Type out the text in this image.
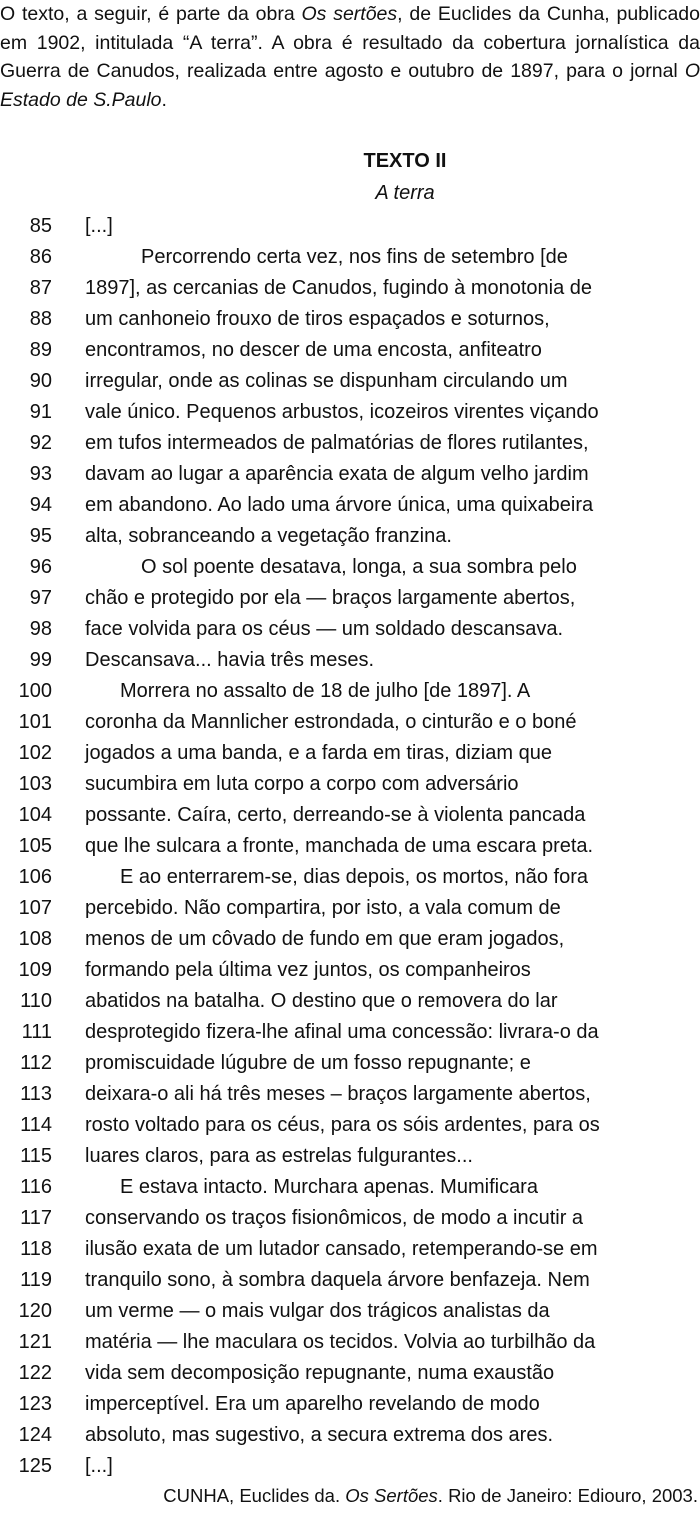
O texto, a seguir, é parte da obra Os sertões, de Euclides da Cunha, publicado em 1902, intitulada “A terra”. A obra é resultado da cobertura jornalística da Guerra de Canudos, realizada entre agosto e outubro de 1897, para o jornal O Estado de S.Paulo.

TEXTO II
A terra
85 [...]
86	Percorrendo certa vez, nos fins de setembro [de
87 1897], as cercanias de Canudos, fugindo à monotonia de
88 um canhoneio frouxo de tiros espaçados e soturnos,
89 encontramos, no descer de uma encosta, anfiteatro
90 irregular, onde as colinas se dispunham circulando um
91 vale único. Pequenos arbustos, icozeiros virentes viçando
92 em tufos intermeados de palmatórias de flores rutilantes,
93 davam ao lugar a aparência exata de algum velho jardim
94 em abandono. Ao lado uma árvore única, uma quixabeira
95 alta, sobranceando a vegetação franzina.
96	O sol poente desatava, longa, a sua sombra pelo
97 chão e protegido por ela — braços largamente abertos,
98 face volvida para os céus — um soldado descansava.
99 Descansava... havia três meses.
100	Morrera no assalto de 18 de julho [de 1897]. A
101 coronha da Mannlicher estrondada, o cinturão e o boné
102 jogados a uma banda, e a farda em tiras, diziam que
103 sucumbira em luta corpo a corpo com adversário
104 possante. Caíra, certo, derreando-se à violenta pancada
105 que lhe sulcara a fronte, manchada de uma escara preta.
106	E ao enterrarem-se, dias depois, os mortos, não fora
107 percebido. Não compartira, por isto, a vala comum de
108 menos de um côvado de fundo em que eram jogados,
109 formando pela última vez juntos, os companheiros
110 abatidos na batalha. O destino que o removera do lar
111 desprotegido fizera-lhe afinal uma concessão: livrara-o da
112 promiscuidade lúgubre de um fosso repugnante; e
113 deixara-o ali há três meses – braços largamente abertos,
114 rosto voltado para os céus, para os sóis ardentes, para os
115 luares claros, para as estrelas fulgurantes...
116	E estava intacto. Murchara apenas. Mumificara
117 conservando os traços fisionômicos, de modo a incutir a
118 ilusão exata de um lutador cansado, retemperando-se em
119 tranquilo sono, à sombra daquela árvore benfazeja. Nem
120 um verme — o mais vulgar dos trágicos analistas da
121 matéria — lhe maculara os tecidos. Volvia ao turbilhão da
122 vida sem decomposição repugnante, numa exaustão
123 imperceptível. Era um aparelho revelando de modo
124 absoluto, mas sugestivo, a secura extrema dos ares.
125 [...]
CUNHA, Euclides da. Os Sertões. Rio de Janeiro: Ediouro, 2003.
